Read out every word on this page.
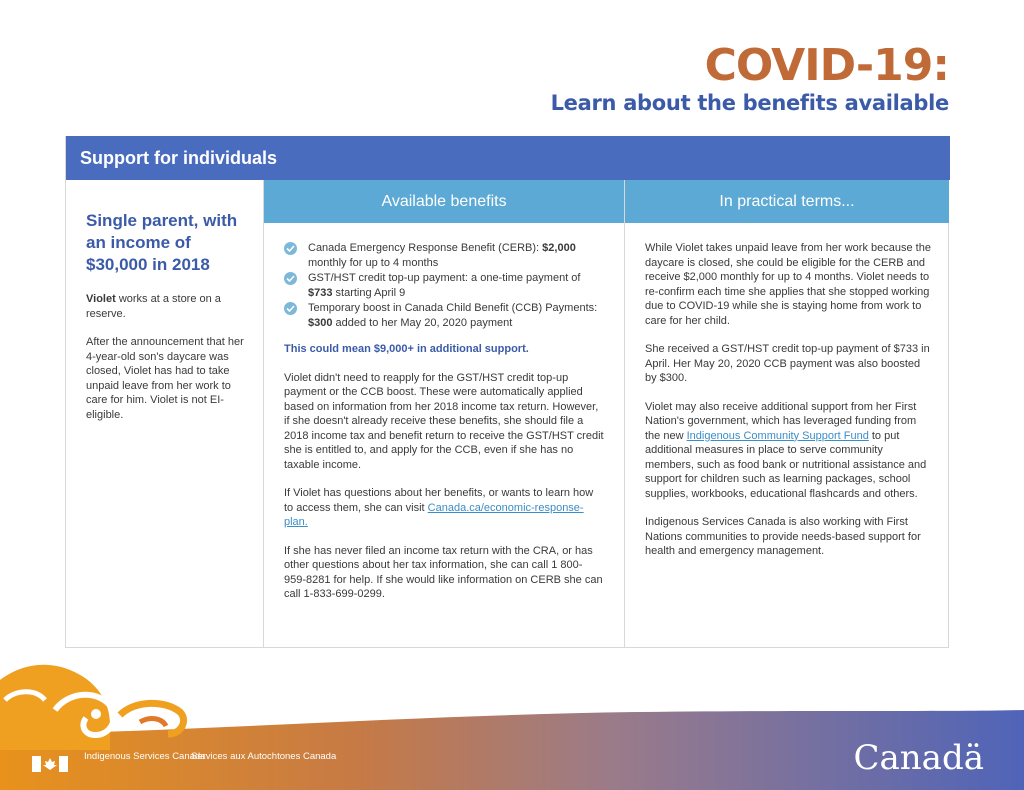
COVID-19:
Learn about the benefits available
Support for individuals
Single parent, with an income of $30,000 in 2018

Violet works at a store on a reserve.

After the announcement that her 4-year-old son's daycare was closed, Violet has had to take unpaid leave from her work to care for him. Violet is not EI-eligible.

Available benefits
Canada Emergency Response Benefit (CERB): $2,000 monthly for up to 4 months
GST/HST credit top-up payment: a one-time payment of $733 starting April 9
Temporary boost in Canada Child Benefit (CCB) Payments: $300 added to her May 20, 2020 payment
This could mean $9,000+ in additional support.

Violet didn't need to reapply for the GST/HST credit top-up payment or the CCB boost. These were automatically applied based on information from her 2018 income tax return. However, if she doesn't already receive these benefits, she should file a 2018 income tax and benefit return to receive the GST/HST credit she is entitled to, and apply for the CCB, even if she has no taxable income.

If Violet has questions about her benefits, or wants to learn how to access them, she can visit Canada.ca/economic-response-plan.

If she has never filed an income tax return with the CRA, or has other questions about her tax information, she can call 1 800-959-8281 for help. If she would like information on CERB she can call 1-833-699-0299.

In practical terms...

While Violet takes unpaid leave from her work because the daycare is closed, she could be eligible for the CERB and receive $2,000 monthly for up to 4 months. Violet needs to re-confirm each time she applies that she stopped working due to COVID-19 while she is staying home from work to care for her child.

She received a GST/HST credit top-up payment of $733 in April. Her May 20, 2020 CCB payment was also boosted by $300.

Violet may also receive additional support from her First Nation's government, which has leveraged funding from the new Indigenous Community Support Fund to put additional measures in place to serve community members, such as food bank or nutritional assistance and support for children such as learning packages, school supplies, workbooks, educational flashcards and others.

Indigenous Services Canada is also working with First Nations communities to provide needs-based support for health and emergency management.

Indigenous Services Canada
Services aux Autochtones Canada	Canadä
